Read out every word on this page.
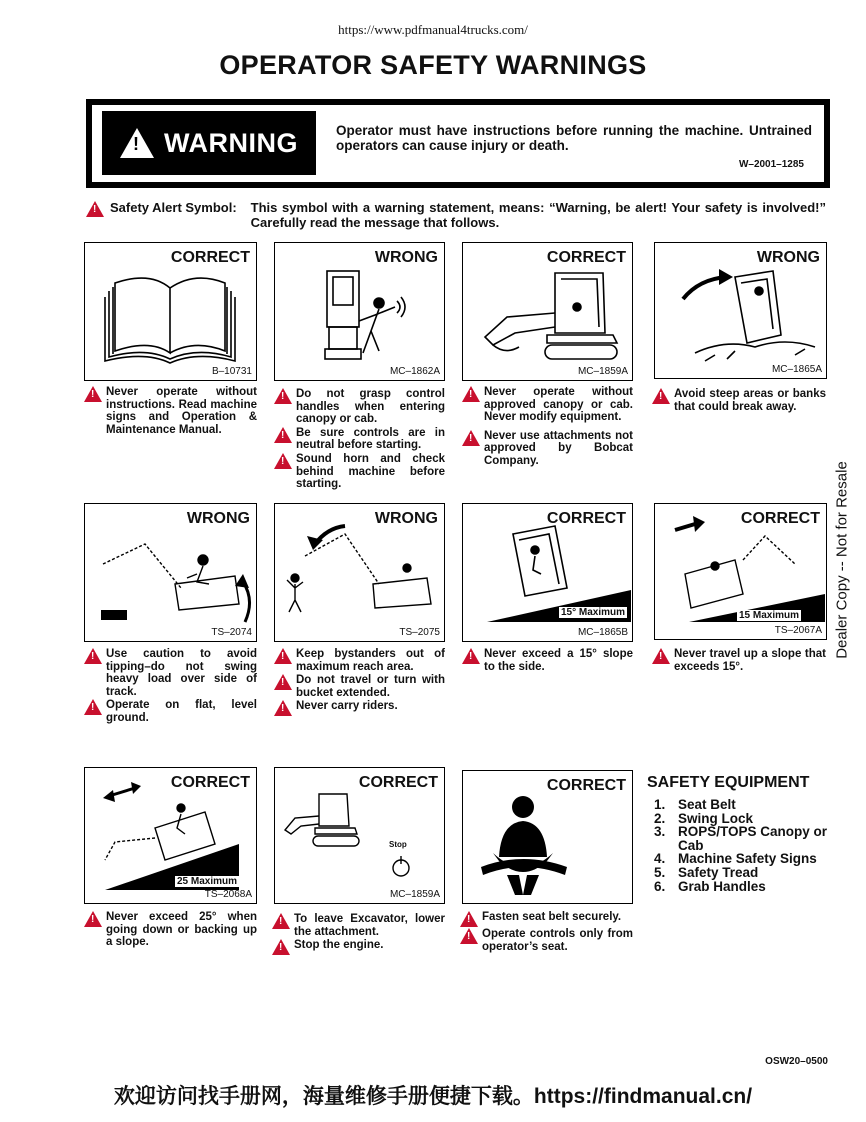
https://www.pdfmanual4trucks.com/
OPERATOR SAFETY WARNINGS
! WARNING	Operator must have instructions before running the machine. Untrained operators can cause injury or death.
W–2001–1285
!
Safety Alert Symbol:	This symbol with a warning statement, means: “Warning, be alert! Your safety is involved!” Carefully read the message that follows.
CORRECT
B–10731
WRONG
MC–1862A
CORRECT
MC–1859A
WRONG
MC–1865A
!
Never operate without instructions. Read machine signs and Operation & Maintenance Manual.
!
Do not grasp control handles when entering canopy or cab.
!
Be sure controls are in neutral before starting.
!
Sound horn and check behind machine before starting.
!
Never operate without approved canopy or cab. Never modify equipment.
!
Never use attachments not approved by Bobcat Company.
!
Avoid steep areas or banks that could break away.
WRONG
TS–2074
WRONG
TS–2075
15° Maximum
CORRECT
MC–1865B
15 Maximum
CORRECT
TS–2067A
!
Use caution to avoid tipping–do not swing heavy load over side of track.
!
Operate on flat, level ground.
!
Keep bystanders out of maximum reach area.
!
Do not travel or turn with bucket extended.
!
Never carry riders.
!
Never exceed a 15° slope to the side.
!
Never travel up a slope that exceeds 15°.
25 Maximum
CORRECT
TS–2068A
Stop
CORRECT
MC–1859A
CORRECT
!
Never exceed 25° when going down or backing up a slope.
!
To leave Excavator, lower the attachment.
!
Stop the engine.
!
Fasten seat belt securely.
!
Operate controls only from operator’s seat.
SAFETY EQUIPMENT
1. Seat Belt
2. Swing Lock
3. ROPS/TOPS Canopy or Cab
4. Machine Safety Signs
5. Safety Tread
6. Grab Handles
Dealer Copy -- Not for Resale
OSW20–0500
欢迎访问找手册网，海量维修手册便捷下载。https://findmanual.cn/
